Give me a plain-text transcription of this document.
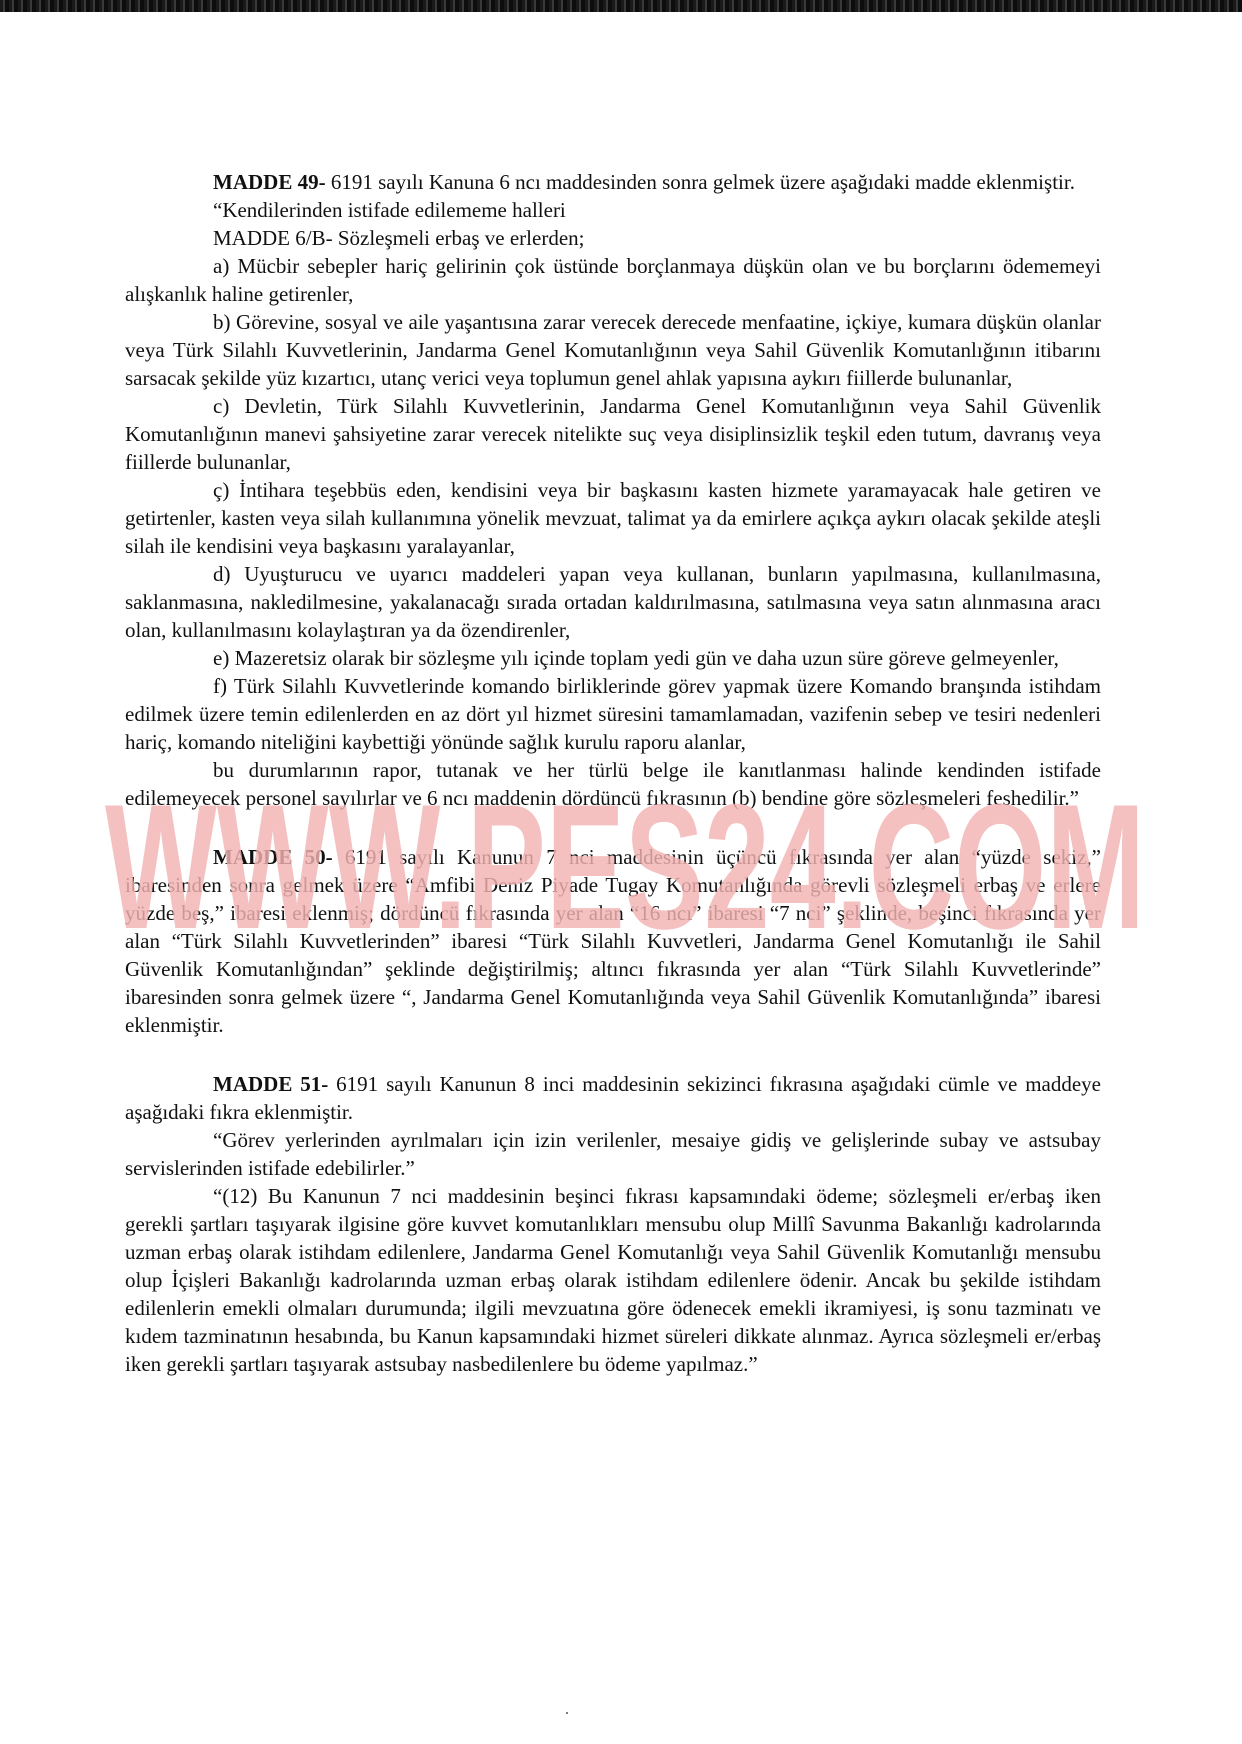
MADDE 49- 6191 sayılı Kanuna 6 ncı maddesinden sonra gelmek üzere aşağıdaki madde eklenmiştir.

“Kendilerinden istifade edilememe halleri

MADDE 6/B- Sözleşmeli erbaş ve erlerden;

a) Mücbir sebepler hariç gelirinin çok üstünde borçlanmaya düşkün olan ve bu borçlarını ödememeyi alışkanlık haline getirenler,

b) Görevine, sosyal ve aile yaşantısına zarar verecek derecede menfaatine, içkiye, kumara düşkün olanlar veya Türk Silahlı Kuvvetlerinin, Jandarma Genel Komutanlığının veya Sahil Güvenlik Komutanlığının itibarını sarsacak şekilde yüz kızartıcı, utanç verici veya toplumun genel ahlak yapısına aykırı fiillerde bulunanlar,

c) Devletin, Türk Silahlı Kuvvetlerinin, Jandarma Genel Komutanlığının veya Sahil Güvenlik Komutanlığının manevi şahsiyetine zarar verecek nitelikte suç veya disiplinsizlik teşkil eden tutum, davranış veya fiillerde bulunanlar,

ç) İntihara teşebbüs eden, kendisini veya bir başkasını kasten hizmete yaramayacak hale getiren ve getirtenler, kasten veya silah kullanımına yönelik mevzuat, talimat ya da emirlere açıkça aykırı olacak şekilde ateşli silah ile kendisini veya başkasını yaralayanlar,

d) Uyuşturucu ve uyarıcı maddeleri yapan veya kullanan, bunların yapılmasına, kullanılmasına, saklanmasına, nakledilmesine, yakalanacağı sırada ortadan kaldırılmasına, satılmasına veya satın alınmasına aracı olan, kullanılmasını kolaylaştıran ya da özendirenler,

e) Mazeretsiz olarak bir sözleşme yılı içinde toplam yedi gün ve daha uzun süre göreve gelmeyenler,

f) Türk Silahlı Kuvvetlerinde komando birliklerinde görev yapmak üzere Komando branşında istihdam edilmek üzere temin edilenlerden en az dört yıl hizmet süresini tamamlamadan, vazifenin sebep ve tesiri nedenleri hariç, komando niteliğini kaybettiği yönünde sağlık kurulu raporu alanlar,

bu durumlarının rapor, tutanak ve her türlü belge ile kanıtlanması halinde kendinden istifade edilemeyecek personel sayılırlar ve 6 ncı maddenin dördüncü fıkrasının (b) bendine göre sözleşmeleri feshedilir.”

MADDE 50- 6191 sayılı Kanunun 7 nci maddesinin üçüncü fıkrasında yer alan “yüzde sekiz,” ibaresinden sonra gelmek üzere “Amfibi Deniz Piyade Tugay Komutanlığında görevli sözleşmeli erbaş ve erlere yüzde beş,” ibaresi eklenmiş; dördüncü fıkrasında yer alan “16 ncı” ibaresi “7 nci” şeklinde, beşinci fıkrasında yer alan “Türk Silahlı Kuvvetlerinden” ibaresi “Türk Silahlı Kuvvetleri, Jandarma Genel Komutanlığı ile Sahil Güvenlik Komutanlığından” şeklinde değiştirilmiş; altıncı fıkrasında yer alan “Türk Silahlı Kuvvetlerinde” ibaresinden sonra gelmek üzere “, Jandarma Genel Komutanlığında veya Sahil Güvenlik Komutanlığında” ibaresi eklenmiştir.

MADDE 51- 6191 sayılı Kanunun 8 inci maddesinin sekizinci fıkrasına aşağıdaki cümle ve maddeye aşağıdaki fıkra eklenmiştir.

“Görev yerlerinden ayrılmaları için izin verilenler, mesaiye gidiş ve gelişlerinde subay ve astsubay servislerinden istifade edebilirler.”

“(12) Bu Kanunun 7 nci maddesinin beşinci fıkrası kapsamındaki ödeme; sözleşmeli er/erbaş iken gerekli şartları taşıyarak ilgisine göre kuvvet komutanlıkları mensubu olup Millî Savunma Bakanlığı kadrolarında uzman erbaş olarak istihdam edilenlere, Jandarma Genel Komutanlığı veya Sahil Güvenlik Komutanlığı mensubu olup İçişleri Bakanlığı kadrolarında uzman erbaş olarak istihdam edilenlere ödenir. Ancak bu şekilde istihdam edilenlerin emekli olmaları durumunda; ilgili mevzuatına göre ödenecek emekli ikramiyesi, iş sonu tazminatı ve kıdem tazminatının hesabında, bu Kanun kapsamındaki hizmet süreleri dikkate alınmaz. Ayrıca sözleşmeli er/erbaş iken gerekli şartları taşıyarak astsubay nasbedilenlere bu ödeme yapılmaz.”

WWW.PES24.COM
